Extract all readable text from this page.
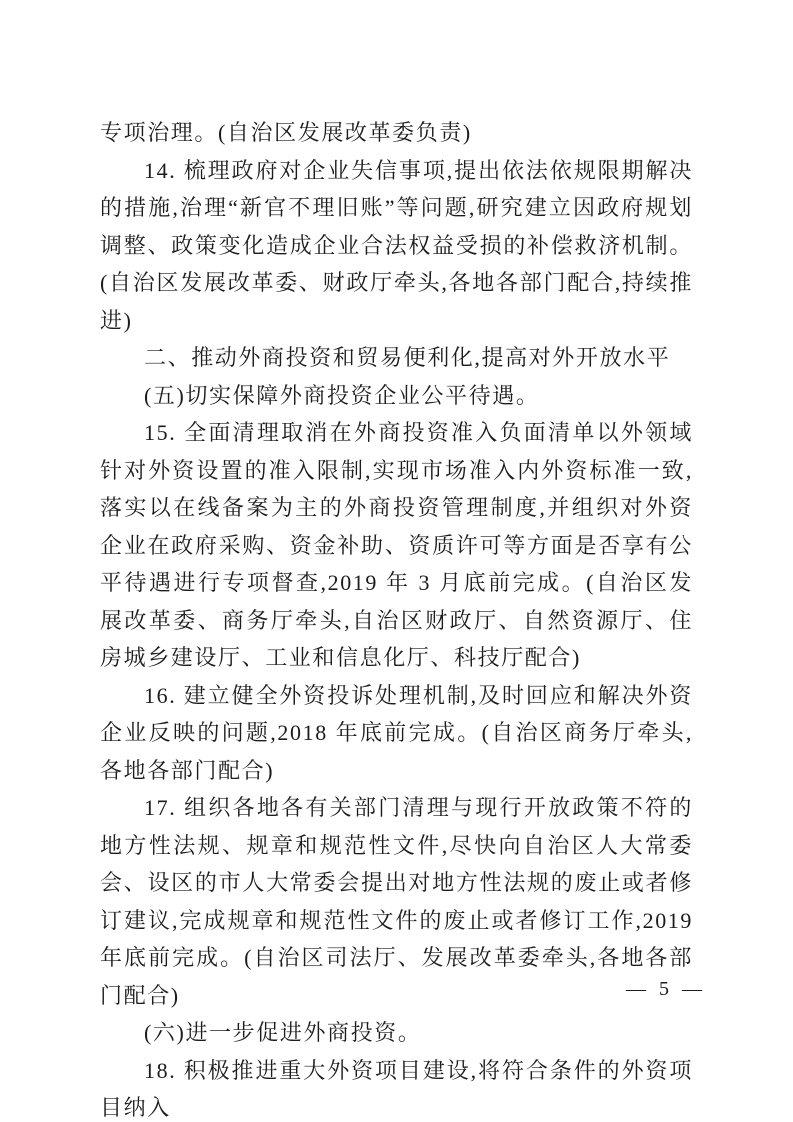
专项治理。(自治区发展改革委负责)

14. 梳理政府对企业失信事项,提出依法依规限期解决的措施,治理“新官不理旧账”等问题,研究建立因政府规划调整、政策变化造成企业合法权益受损的补偿救济机制。(自治区发展改革委、财政厅牵头,各地各部门配合,持续推进)

二、推动外商投资和贸易便利化,提高对外开放水平

(五)切实保障外商投资企业公平待遇。

15. 全面清理取消在外商投资准入负面清单以外领域针对外资设置的准入限制,实现市场准入内外资标准一致,落实以在线备案为主的外商投资管理制度,并组织对外资企业在政府采购、资金补助、资质许可等方面是否享有公平待遇进行专项督查,2019 年 3 月底前完成。(自治区发展改革委、商务厅牵头,自治区财政厅、自然资源厅、住房城乡建设厅、工业和信息化厅、科技厅配合)

16. 建立健全外资投诉处理机制,及时回应和解决外资企业反映的问题,2018 年底前完成。(自治区商务厅牵头,各地各部门配合)

17. 组织各地各有关部门清理与现行开放政策不符的地方性法规、规章和规范性文件,尽快向自治区人大常委会、设区的市人大常委会提出对地方性法规的废止或者修订建议,完成规章和规范性文件的废止或者修订工作,2019 年底前完成。(自治区司法厅、发展改革委牵头,各地各部门配合)

(六)进一步促进外商投资。

18. 积极推进重大外资项目建设,将符合条件的外资项目纳入

— 5 —
